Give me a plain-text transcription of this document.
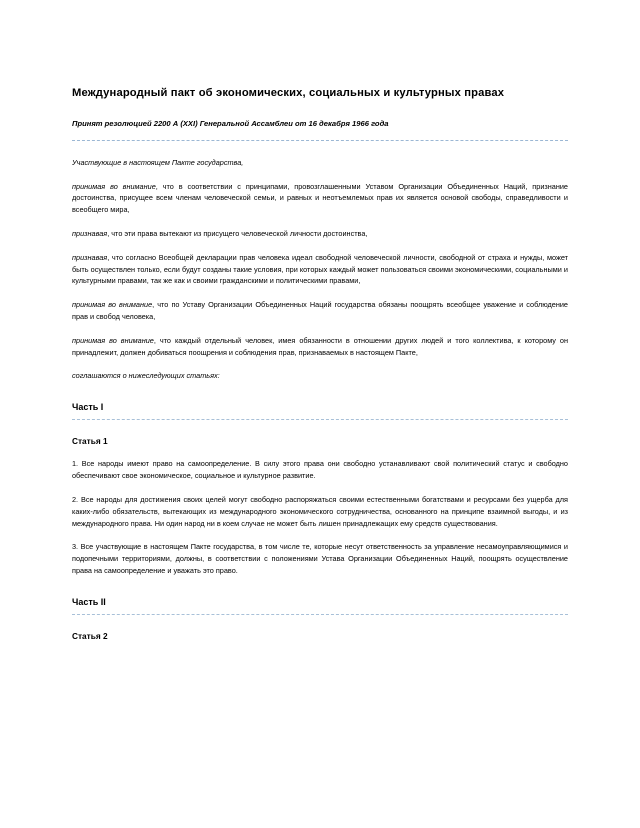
Международный пакт об экономических, социальных и культурных правах
Принят резолюцией 2200 А (XXI) Генеральной Ассамблеи от 16 декабря 1966 года

Участвующие в настоящем Пакте государства,

принимая во внимание, что в соответствии с принципами, провозглашенными Уставом Организации Объединенных Наций, признание достоинства, присущее всем членам человеческой семьи, и равных и неотъемлемых прав их является основой свободы, справедливости и всеобщего мира,

признавая, что эти права вытекают из присущего человеческой личности достоинства,

признавая, что согласно Всеобщей декларации прав человека идеал свободной человеческой личности, свободной от страха и нужды, может быть осуществлен только, если будут созданы такие условия, при которых каждый может пользоваться своими экономическими, социальными и культурными правами, так же как и своими гражданскими и политическими правами,

принимая во внимание, что по Уставу Организации Объединенных Наций государства обязаны поощрять всеобщее уважение и соблюдение прав и свобод человека,

принимая во внимание, что каждый отдельный человек, имея обязанности в отношении других людей и того коллектива, к которому он принадлежит, должен добиваться поощрения и соблюдения прав, признаваемых в настоящем Пакте,

соглашаются о нижеследующих статьях:

Часть I
Статья 1

1. Все народы имеют право на самоопределение. В силу этого права они свободно устанавливают свой политический статус и свободно обеспечивают свое экономическое, социальное и культурное развитие.

2. Все народы для достижения своих целей могут свободно распоряжаться своими естественными богатствами и ресурсами без ущерба для каких-либо обязательств, вытекающих из международного экономического сотрудничества, основанного на принципе взаимной выгоды, и из международного права. Ни один народ ни в коем случае не может быть лишен принадлежащих ему средств существования.

3. Все участвующие в настоящем Пакте государства, в том числе те, которые несут ответственность за управление несамоуправляющимися и подопечными территориями, должны, в соответствии с положениями Устава Организации Объединенных Наций, поощрять осуществление права на самоопределение и уважать это право.

Часть II
Статья 2
